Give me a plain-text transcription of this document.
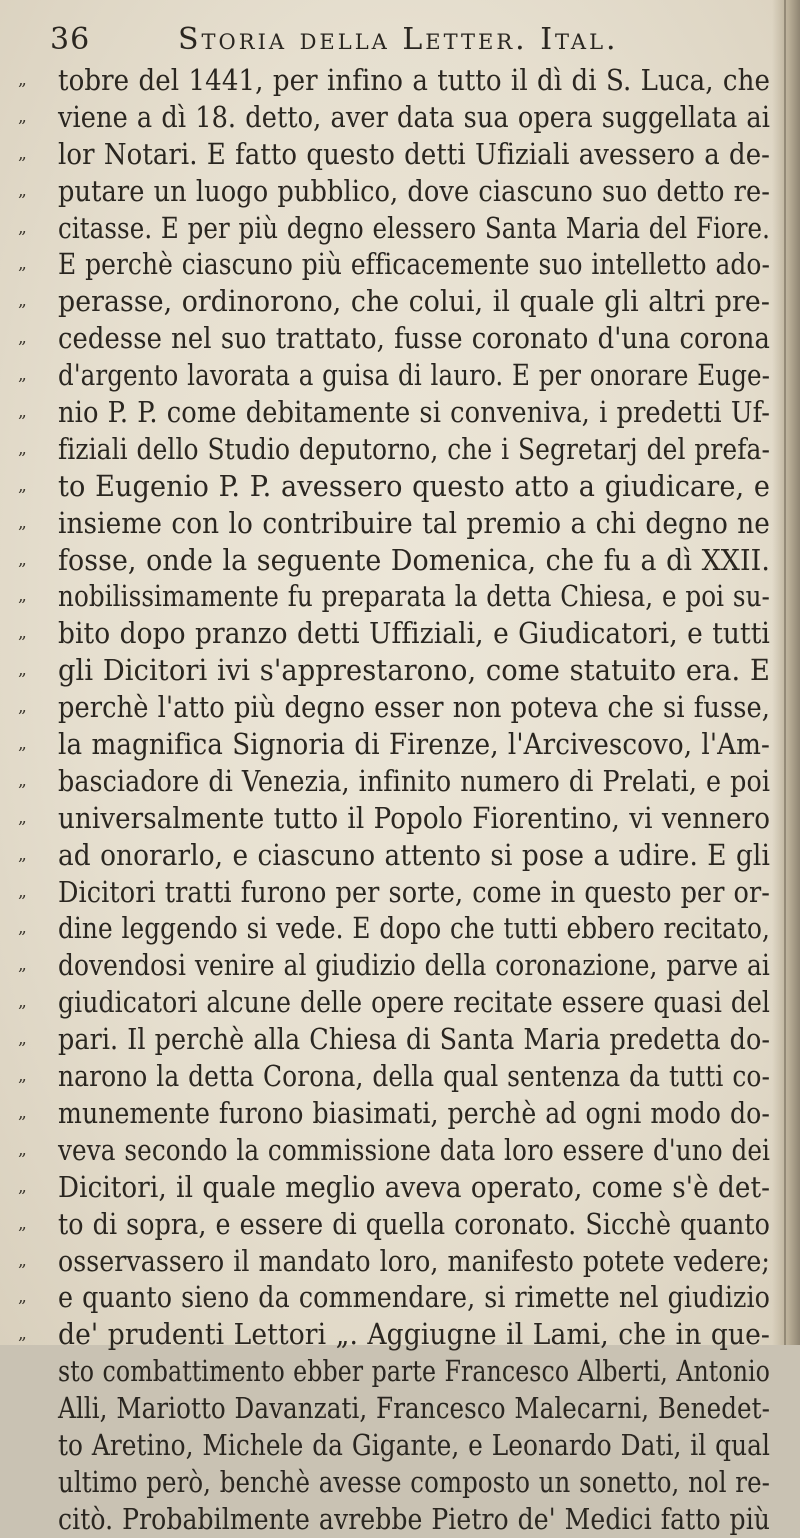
36	Storia della Letter. Ital.
„	tobre del 1441, per infino a tutto il dì di S. Luca, che
„	viene a dì 18. detto, aver data sua opera suggellata ai
„	lor Notari. E fatto questo detti Ufiziali avessero a de-
„	putare un luogo pubblico, dove ciascuno suo detto re-
„	citasse. E per più degno elessero Santa Maria del Fiore.
„	E perchè ciascuno più efficacemente suo intelletto ado-
„	perasse, ordinorono, che colui, il quale gli altri pre-
„	cedesse nel suo trattato, fusse coronato d'una corona
„	d'argento lavorata a guisa di lauro. E per onorare Euge-
„	nio P. P. come debitamente si conveniva, i predetti Uf-
„	fiziali dello Studio deputorno, che i Segretarj del prefa-
„	to Eugenio P. P. avessero questo atto a giudicare, e
„	insieme con lo contribuire tal premio a chi degno ne
„	fosse, onde la seguente Domenica, che fu a dì XXII.
„	nobilissimamente fu preparata la detta Chiesa, e poi su-
„	bito dopo pranzo detti Uffiziali, e Giudicatori, e tutti
„	gli Dicitori ivi s'apprestarono, come statuito era. E
„	perchè l'atto più degno esser non poteva che si fusse,
„	la magnifica Signoria di Firenze, l'Arcivescovo, l'Am-
„	basciadore di Venezia, infinito numero di Prelati, e poi
„	universalmente tutto il Popolo Fiorentino, vi vennero
„	ad onorarlo, e ciascuno attento si pose a udire. E gli
„	Dicitori tratti furono per sorte, come in questo per or-
„	dine leggendo si vede. E dopo che tutti ebbero recitato,
„	dovendosi venire al giudizio della coronazione, parve ai
„	giudicatori alcune delle opere recitate essere quasi del
„	pari. Il perchè alla Chiesa di Santa Maria predetta do-
„	narono la detta Corona, della qual sentenza da tutti co-
„	munemente furono biasimati, perchè ad ogni modo do-
„	veva secondo la commissione data loro essere d'uno dei
„	Dicitori, il quale meglio aveva operato, come s'è det-
„	to di sopra, e essere di quella coronato. Sicchè quanto
„	osservassero il mandato loro, manifesto potete vedere;
„	e quanto sieno da commendare, si rimette nel giudizio
„	de' prudenti Lettori „. Aggiugne il Lami, che in que-
sto combattimento ebber parte Francesco Alberti, Antonio
Alli, Mariotto Davanzati, Francesco Malecarni, Benedet-
to Aretino, Michele da Gigante, e Leonardo Dati, il qual
ultimo però, benchè avesse composto un sonetto, nol re-
citò. Probabilmente avrebbe Pietro de' Medici fatto più
